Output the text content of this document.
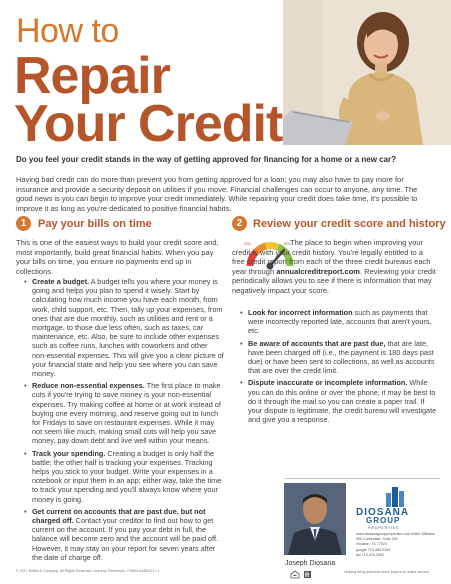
How to
Repair
Your Credit
Do you feel your credit stands in the way of getting approved for financing for a home or a new car?
Having bad credit can do more than prevent you from getting approved for a loan; you may also have to pay more for insurance and provide a security deposit on utilities if you move. Financial challenges can occur to anyone, any time. The good news is you can begin to improve your credit immediately. While repairing your credit does take time, it's possible to improve it as long as you're dedicated to positive financial habits.
1	Pay your bills on time
This is one of the easiest ways to build your credit score and, most importantly, build great financial habits. When you pay your bills on time, you ensure no payments end up in collections.
• Create a budget. A budget tells you where your money is going and helps you plan to spend it wisely. Start by calculating how much income you have each month, from work, child support, etc. Then, tally up your expenses, from ones that are due monthly, such as utilities and rent or a mortgage, to those due less often, such as taxes, car maintenance, etc. Also, be sure to include other expenses such as coffee runs, lunches with coworkers and other non-essential expenses. This will give you a clear picture of your financial state and help you see where you can save money.
• Reduce non-essential expenses. The first place to make cuts if you're trying to save money is your non-essential expenses. Try making coffee at home or at work instead of buying one every morning, and reserve going out to lunch for Fridays to save on restaurant expenses. While it may not seem like much, making small cuts will help you save money, pay down debt and live well within your means.
• Track your spending. Creating a budget is only half the battle; the other half is tracking your expenses. Tracking helps you stick to your budget. Write your expenses in a notebook or input them in an app; either way, take the time to track your spending and you'll always know where your money is going.
• Get current on accounts that are past due, but not charged off. Contact your creditor to find out how to get current on the account. If you pay your debt in full, the balance will become zero and the account will be paid off. However, it may stay on your report for seven years after the date of charge off.
2 Review your credit score and history
300	850 The place to begin when improving your credit is with your credit history. You're legally entitled to a free credit report from each of the three credit bureaus each year through annualcreditreport.com. Reviewing your credit periodically allows you to see if there is information that may negatively impact your score.
• Look for incorrect information such as payments that were incorrectly reported late, accounts that aren't yours, etc.
• Be aware of accounts that are past due, that are late, have been charged off (i.e., the payment is 180 days past due) or have been sent to collections, as well as accounts that are over the credit limit.
• Dispute inaccurate or incomplete information. While you can do this online or over the phone, it may be best to do it through the mail so you can create a paper trail. If your dispute is legitimate, the credit bureau will investigate and give you a response.
Joseph Diosana
DIOSANA
GROUP
PROPERTIES
www.diosanagroupproperties.com Keller Williams
950 Corbindale, Suite 100
Houston, TX 77024
google 713-465-0335
fax 713-470-2992
© 2017 Buffini & Company. All Rights Reserved. Used by Permission. FHWH.AAB24117.1
R
Helping bring potential home buyers at realtor service.
